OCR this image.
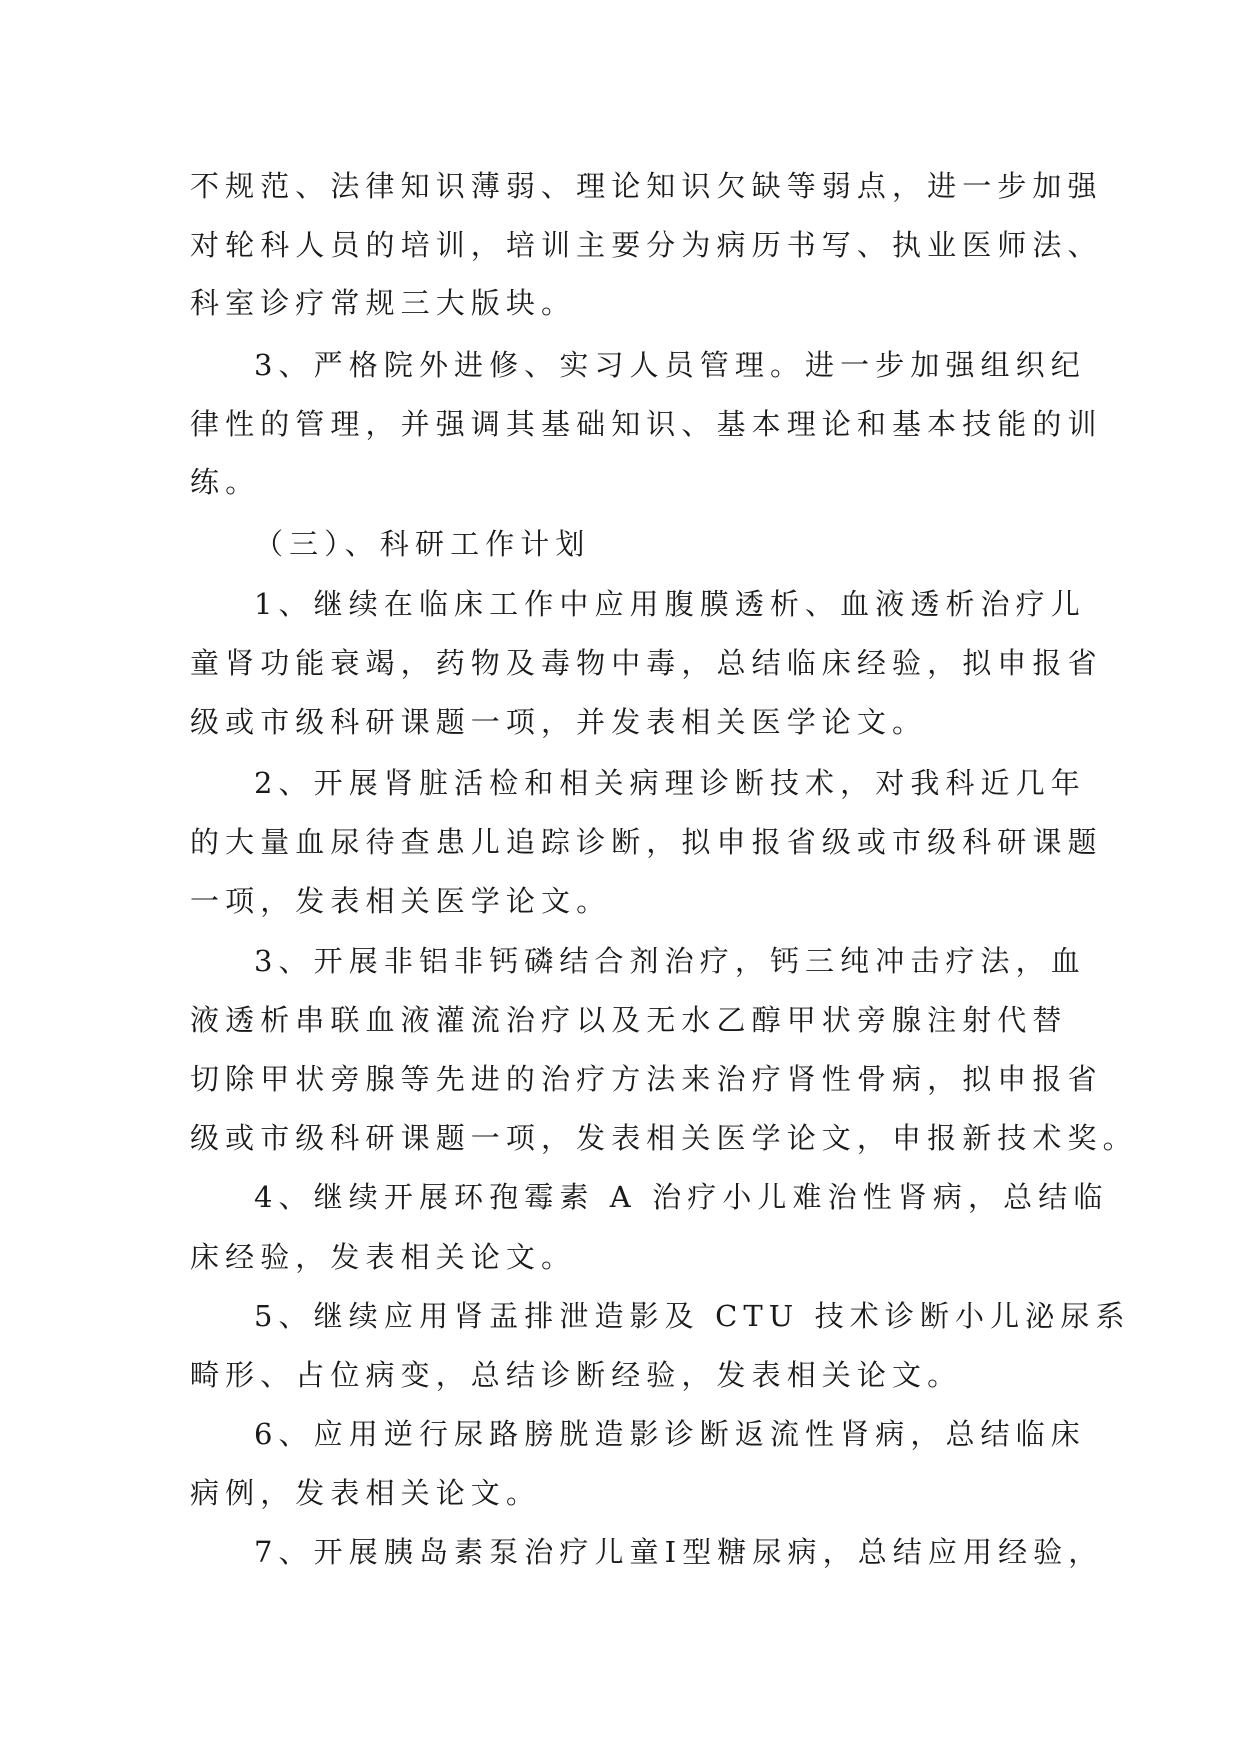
不规范、法律知识薄弱、理论知识欠缺等弱点，进一步加强
对轮科人员的培训，培训主要分为病历书写、执业医师法、
科室诊疗常规三大版块。
3、严格院外进修、实习人员管理。进一步加强组织纪
律性的管理，并强调其基础知识、基本理论和基本技能的训
练。
（三）、科研工作计划
1、继续在临床工作中应用腹膜透析、血液透析治疗儿
童肾功能衰竭，药物及毒物中毒，总结临床经验，拟申报省
级或市级科研课题一项，并发表相关医学论文。
2、开展肾脏活检和相关病理诊断技术，对我科近几年
的大量血尿待查患儿追踪诊断，拟申报省级或市级科研课题
一项，发表相关医学论文。
3、开展非铝非钙磷结合剂治疗，钙三纯冲击疗法，血
液透析串联血液灌流治疗以及无水乙醇甲状旁腺注射代替
切除甲状旁腺等先进的治疗方法来治疗肾性骨病，拟申报省
级或市级科研课题一项，发表相关医学论文，申报新技术奖。
4、继续开展环孢霉素 A 治疗小儿难治性肾病，总结临
床经验，发表相关论文。
5、继续应用肾盂排泄造影及 CTU 技术诊断小儿泌尿系
畸形、占位病变，总结诊断经验，发表相关论文。
6、应用逆行尿路膀胱造影诊断返流性肾病，总结临床
病例，发表相关论文。
7、开展胰岛素泵治疗儿童Ⅰ型糖尿病，总结应用经验，
